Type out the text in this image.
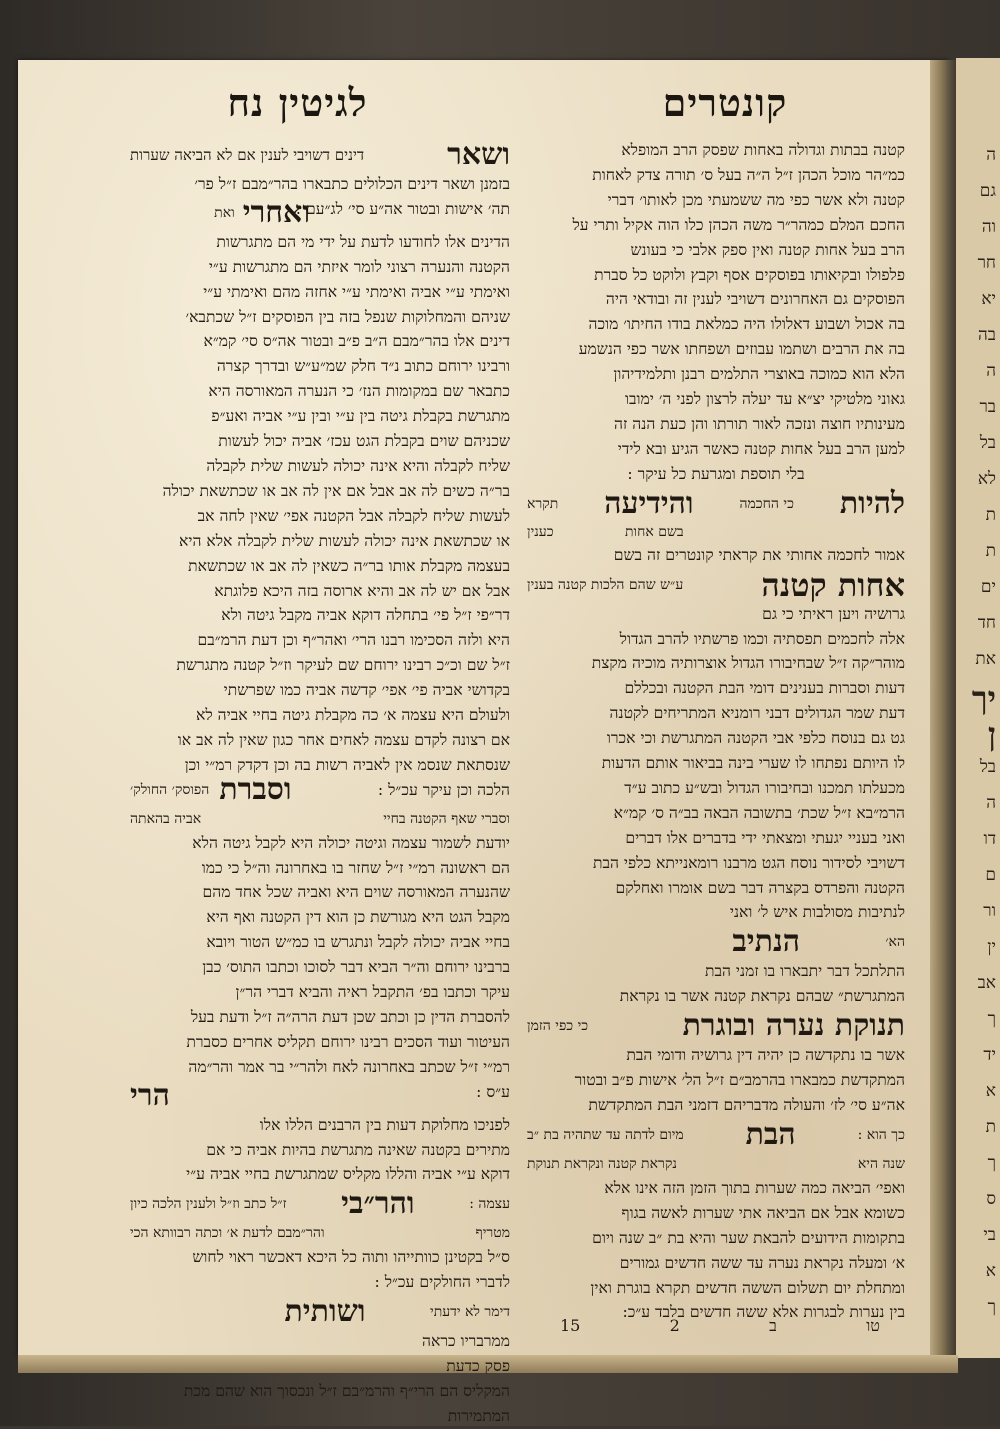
ה
גם
וה
חר
יא
בה
ה
בר
בל
לא
ת
ת
ים
חד
את
יך
ן
בל
ה
דו
ם
ור
ין
אב
ך
יד
א
ת
ך
ס
בי
א
ך
לגיטין נח	קונטרים
קטנה בבתות וגדולה באחות שפסק הרב המופלא
כמ״הר מוכל הכהן ז״ל ה״ה בעל ס׳ תורה צדק לאחות
קטנה ולא אשר כפי מה ששמעתי מכן לאותו׳ דברי
החכם המלם כמהר״ר משה הכהן כלו הוה אקיל ותרי על
הרב בעל אחות קטנה ואין ספק אלבי כי בעונש
פלפולו ובקיאותו בפוסקים אסף וקבץ ולוקט כל סברת
הפוסקים גם האחרונים דשויבי לענין זה ובודאי היה
בה אכול ושבוע דאלולו היה כמלאת בודו החיתו׳ מוכה
בה את הרבים ושתמו עבוזים ושפחתו אשר כפי הנשמע
הלא הוא כמוכה באוצרי התלמים רבנן ותלמידיהון
גאוני מלטיקי יצ״א עד יעלה לרצון לפני ה׳ ימובו
מעינותיו חוצה ונזכה לאור תורתו והן כעת הנה זה
למען הרב בעל אחות קטנה כאשר הגיע ובא לידי
בלי תוספת ומגרעת כל עיקר :
להיות
כי החכמה
והידיעה
תקרא
בשם אחות
כענין
אמור לחכמה אחותי את קראתי קונטרים זה בשם
אחות קטנה
ע״ש שהם הלכות קטנה בענין
גרושיה ויען ראיתי כי גם
אלה לחכמים תפסתיה וכמו פרשתיו להרב הגדול
מוהר״קה ז״ל שבחיבורו הגדול אוצרותיה מוכיה מקצת
דעות וסברות בענינים דומי הבת הקטנה ובכללם
דעת שמר הגדולים דבני רומניא המתריחים לקטנה
גט גם בנוסח כלפי אבי הקטנה המתגרשת וכי אכרו
לו היותם נפתחו לו שערי בינה בביאור אותם הדעות
מכעלתו תמכנו ובחיבורו הגדול ובש״ע כתוב ע״ד
הרמ״בא ז״ל שכת׳ בתשובה הבאה בב״ה ס׳ קמ״א
ואני בעניי יגעתי ומצאתי ידי בדברים אלו דברים
דשויבי לסידור נוסח הגט מרבנו רומאנייתא כלפי הבת
הקטנה והפרדס בקצרה דבר בשם אומרו ואחלקם
לנתיבות מסולבות איש ל׳ ואני
הא׳
הנתיב
התלתכל דבר יתבארו בו זמני הבת
המתגרשת״ שבהם נקראת קטנה אשר בו נקראת
תנוקת נערה ובוגרת
כי כפי הזמן
אשר בו נתקדשה כן יהיה דין גרושיה ודומי הבת
המתקדשת כמבארו בהרמב״ם ז״ל הל׳ אישות פ״ב ובטור
אה״ע סי׳ לז׳ והעולה מדבריהם דזמני הבת המתקדשת
כך הוא :
הבת
מיום לדתה עד שתהיה בת ״ב
שנה היא
נקראת קטנה ונקראת תנוקת
ואפי׳ הביאה כמה שערות בתוך הזמן הזה אינו אלא
כשומא אבל אם הביאה אתי שערות לאשה בגוף
בתקומות הידועים להבאת שער והיא בת ״ב שנה ויום
א׳ ומעלה נקראת נערה עד ששה חדשים גמורים
ומתחלת יום תשלום הששה חדשים תקרא בוגרת ואין
בין נערות לבגרות אלא ששה חדשים בלבד ע״כ:
ושאר
דינים דשויבי לענין אם לא הביאה שערות
בזמנן ושאר דינים הכלולים כתבארו בהר״מבם ז״ל פר׳
תה׳ אישות ובטור אה״ע סי׳ לג״עם :
ואחרי
ואת
הדינים אלו לחודעו לדעת על ידי מי הם מתגרשות
הקטנה והנערה רצוני לומר איזתי הם מתגרשות ע״י
ואימתי ע״י אביה ואימתי ע״י אחזה מהם ואימתי ע״י
שניהם והמחלוקות שנפל בזה בין הפוסקים ז״ל שכתבא׳
דינים אלו בהר״מבם ה״ב פ״ב ובטור אה״ס סי׳ קמ״א
ורבינו ירוחם כתוב נ״ד חלק שמ״ע״ש ובדרך קצרה
כתבאר שם במקומות הנז׳ כי הנערה המאורסה היא
מתגרשת בקבלת גיטה בין ע״י ובין ע״י אביה ואע״פ
שכניהם שוים בקבלת הגט עכז׳ אביה יכול לעשות
שליח לקבלה והיא אינה יכולה לעשות שלית לקבלה
בר״ה כשים לה אב אבל אם אין לה אב או שכתשאת יכולה
לעשות שליח לקבלה אבל הקטנה אפי׳ שאין לחה אב
או שכתשאת אינה יכולה לעשות שלית לקבלה אלא היא
בעצמה מקבלת אותו בר״ה כשאין לה אב או שכתשאת
אבל אם יש לה אב והיא ארוסה בזה היכא פלוגתא
דר״פי ז״ל פי׳ בתחלה דוקא אביה מקבל גיטה ולא
היא ולזה הסכימו רבנו הרי׳ ואהר״ף וכן דעת הרמ״בם
ז״ל שם וכ״כ רבינו ירוחם שם לעיקר וז״ל קטנה מתגרשת
בקדושי אביה פי׳ אפי׳ קדשה אביה כמו שפרשתי
ולעולם היא עצמה א׳ כה מקבלת גיטה בחיי אביה לא
אם רצונה לקדם עצמה לאחים אחר כגון שאין לה אב או
שנסתאת שנסמ אין לאביה רשות בה וכן דקדק רמ״י וכן
הלכה וכן עיקר עכ״ל :
וסברת
הפוסק׳ החולק׳
וסברי שאף הקטנה בחיי
אביה בהאתה
יודעת לשמור עצמה וגיטה יכולה היא לקבל גיטה הלא
הם ראשונה רמ״י ז״ל שחזר בו באחרונה וה״ל כי כמו
שהנערה המאורסה שוים היא ואביה שכל אחד מהם
מקבל הגט היא מגורשת כן הוא דין הקטנה ואף היא
בחיי אביה יכולה לקבל ונתגרש בו כמ״ש הטור ויובא
ברבינו ירוחם וה״ר הביא דבר לסוכו וכתבו התוס׳ כבן
עיקר וכתבו בפ׳ התקבל ראיה והביא דברי הר״ן
להסברת הדין כן וכתב שכן דעת הרה״ה ז״ל ודעת בעל
העיטור ועוד הסכים רבינו ירוחם תקליס אחרים כסברת
רמ״י ז״ל שכתב באחרונה לאח ולהר״י בר אמר והר״מה
ע״ס :
הרי
לפניכו מחלוקת דעות בין הרבנים הללו אלו
מתירים בקטנה שאינה מתגרשת בהיות אביה כי אם
דוקא ע״י אביה והללו מקליס שמתגרשת בחיי אביה ע״י
עצמה :
והר״בי
ז״ל כתב וז״ל ולענין הלכה כיון
מטריף
והר״מבם לדעת א׳ וכתה רבוותא הכי
ס״ל בקטינן כוותייהו ותוה כל היכא דאכשר ראוי לחוש
לדברי החולקים עכ״ל :
דימר לא ידעתי
ושותית
ממרבריו כראה
פסק כדעת
המקליס הם הרי״ף והרמ״בם ז״ל ונכסוך הוא שהם מכת
המתמירות
15	2	ב	טו
